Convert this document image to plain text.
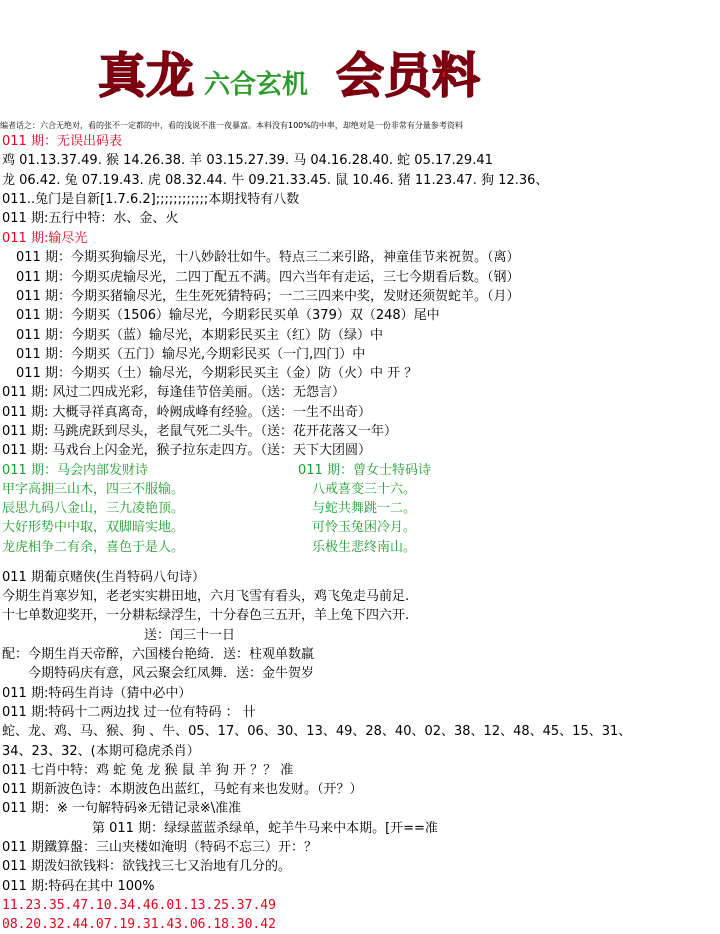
真龙 六合玄机 会员料
编者话之：六合无绝对，看的张不一定都的中，看的浅说不准一夜暴富。本料没有100%的中率，却绝对是一份非常有分量参考资料
011 期：无误出码表
鸡 01.13.37.49. 猴 14.26.38. 羊 03.15.27.39. 马 04.16.28.40. 蛇 05.17.29.41
龙 06.42. 兔 07.19.43. 虎 08.32.44. 牛 09.21.33.45. 鼠 10.46. 猪 11.23.47. 狗 12.36、
011..兔门是自新[1.7.6.2];;;;;;;;;;;;本期找特有八数
011 期:五行中特：水、金、火
011 期:输尽光
011 期：今期买狗输尽光，十八妙龄壮如牛。特点三二来引路，神童佳节来祝贺。（离）
011 期：今期买虎输尽光，二四丁配五不满。四六当年有走运，三七今期看后数。（钢）
011 期：今期买猪输尽光，生生死死猜特码；一二三四来中奖，发财还须贺蛇羊。（月）
011 期：今期买（1506）输尽光，今期彩民买单（379）双（248）尾中
011 期：今期买（蓝）输尽光，本期彩民买主（红）防（绿）中
011 期：今期买（五门）输尽光,今期彩民买（一门,四门）中
011 期：今期买（土）输尽光，今期彩民买主（金）防（火）中 开 ？
011 期: 风过二四成光彩，每逢佳节倍美丽。（送：无怨言）
011 期: 大概寻祥真离奇，岭阙成峰有经验。（送：一生不出奇）
011 期: 马跳虎跃到尽头，老鼠气死二头牛。（送：花开花落又一年）
011 期: 马戏台上闪金光，猴子拉东走四方。（送：天下大团圆）
011 期：马会内部发财诗	011 期：曾女士特码诗
甲字高拥三山木，四三不服输。	八戒喜变三十六。
辰思九码八金山，三九凌艳顶。	与蛇共舞跳一二。
大好形势中中取，双脚暗实地。	可怜玉兔困冷月。
龙虎相争二有余，喜色于是人。	乐极生悲终南山。
011 期葡京赌侠(生肖特码八句诗）
今期生肖寒岁知，老老实实耕田地，六月飞雪有看头，鸡飞兔走马前足.
十七单数迎奖开，一分耕耘绿浮生，十分春色三五开，羊上兔下四六开.
送：闰三十一日
配：今期生肖天帝醉，六国楼台艳绮．送：柱观单数羸
今期特码庆有意，风云聚会红凤舞．送：金牛贺岁
011 期:特码生肖诗（猜中必中）
011 期:特码十二两边找 过一位有特码 ： 卄
蛇、龙、鸡、马、猴、狗 、牛、05、17、06、30、13、49、28、40、02、38、12、48、45、15、31、
34、23、32、(本期可稳虎杀肖）
011 七肖中特：鸡 蛇 兔 龙 猴 鼠 羊 狗 开 ？？ 准
011 期新波色诗：本期波色出蓝红，马蛇有来也发财。（开？）
011 期：※ 一句解特码※无错记录※\准准
第 011 期：绿绿蓝蓝杀绿单，蛇羊牛马来中本期。[开==准
011 期鐵算盤：三山夹楼如淹明（特码不忘三）开：？
011 期泼妇欲钱料：欲钱找三七又治地有几分的。
011 期:特码在其中 100%
11.23.35.47.10.34.46.01.13.25.37.49
08.20.32.44.07.19.31.43.06.18.30.42
